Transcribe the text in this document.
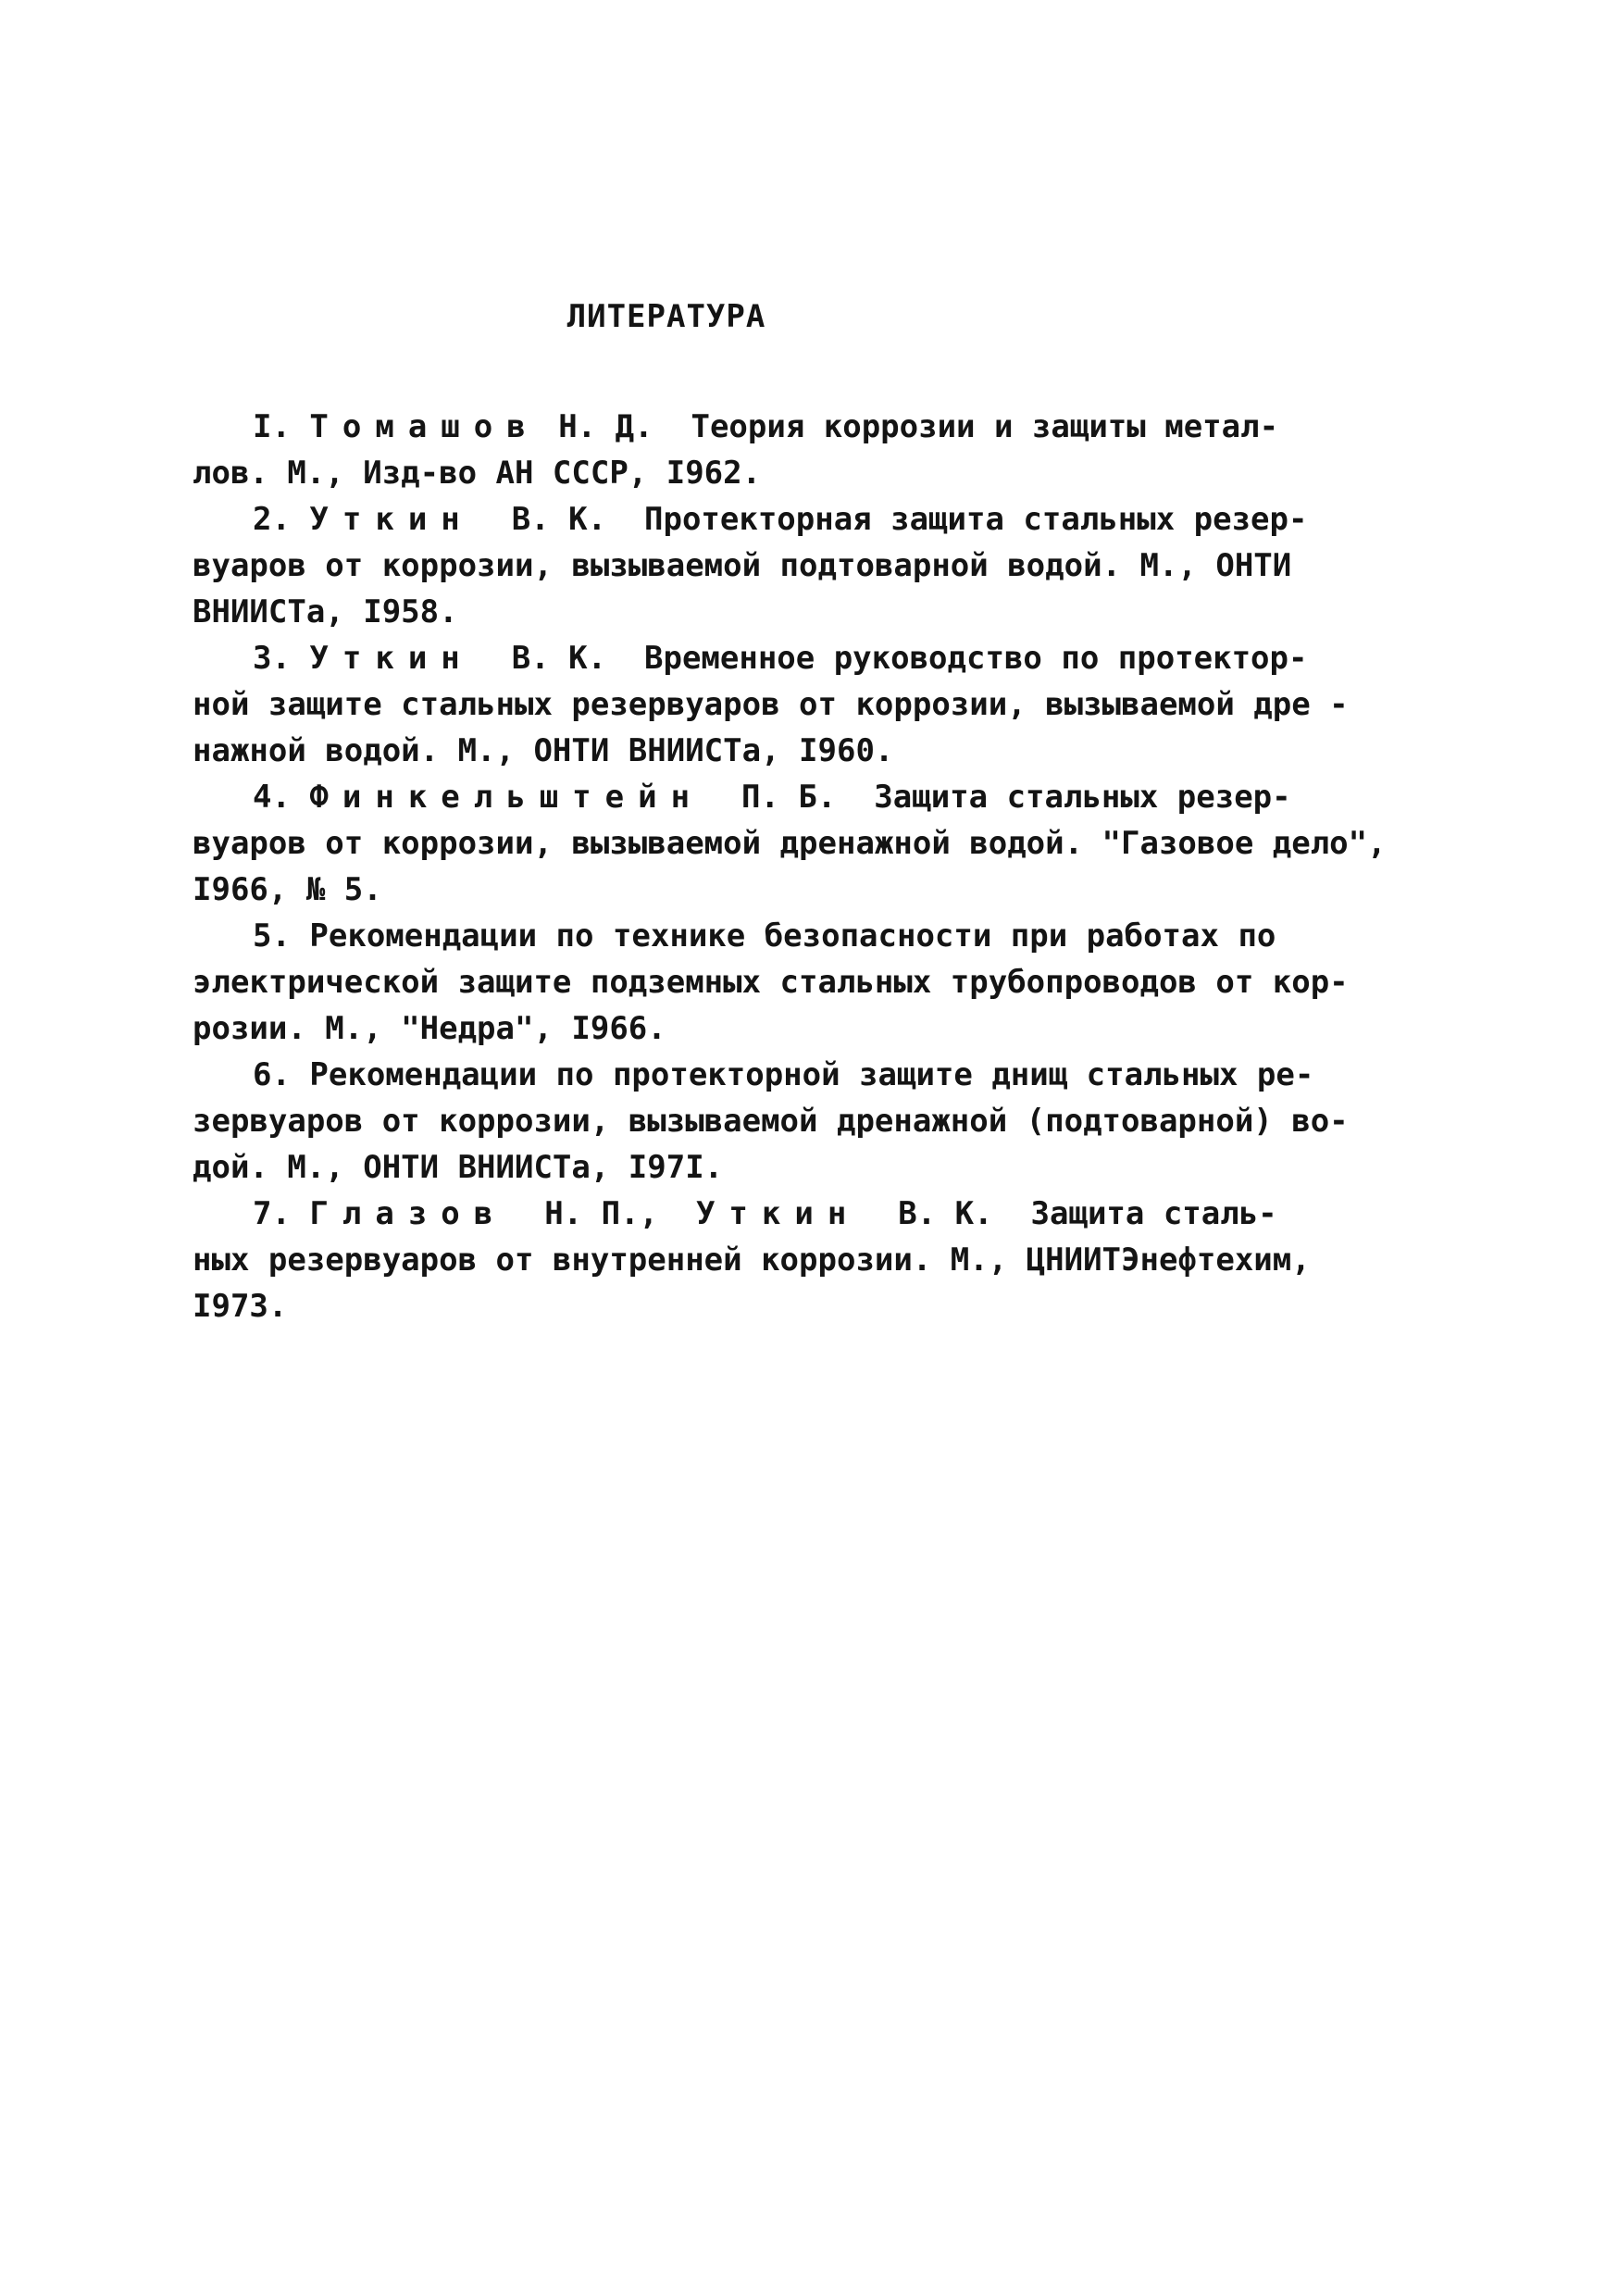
ЛИТЕРАТУРА
I. Томашов Н. Д.  Теория коррозии и защиты метал-
лов. М., Изд-во АН СССР, I962.
2. Уткин  В. К.  Протекторная защита стальных резер-
вуаров от коррозии, вызываемой подтоварной водой. М., ОНТИ
ВНИИСТа, I958.
3. Уткин  В. К.  Временное руководство по протектор-
ной защите стальных резервуаров от коррозии, вызываемой дре -
нажной водой. М., ОНТИ ВНИИСТа, I960.
4. Финкельштейн  П. Б.  Защита стальных резер-
вуаров от коррозии, вызываемой дренажной водой. "Газовое дело",
I966, № 5.
5. Рекомендации по технике безопасности при работах по
электрической защите подземных стальных трубопроводов от кор-
розии. М., "Недра", I966.
6. Рекомендации по протекторной защите днищ стальных ре-
зервуаров от коррозии, вызываемой дренажной (подтоварной) во-
дой. М., ОНТИ ВНИИСТа, I97I.
7. Глазов  Н. П.,  Уткин  В. К.  Защита сталь-
ных резервуаров от внутренней коррозии. М., ЦНИИТЭнефтехим,
I973.
